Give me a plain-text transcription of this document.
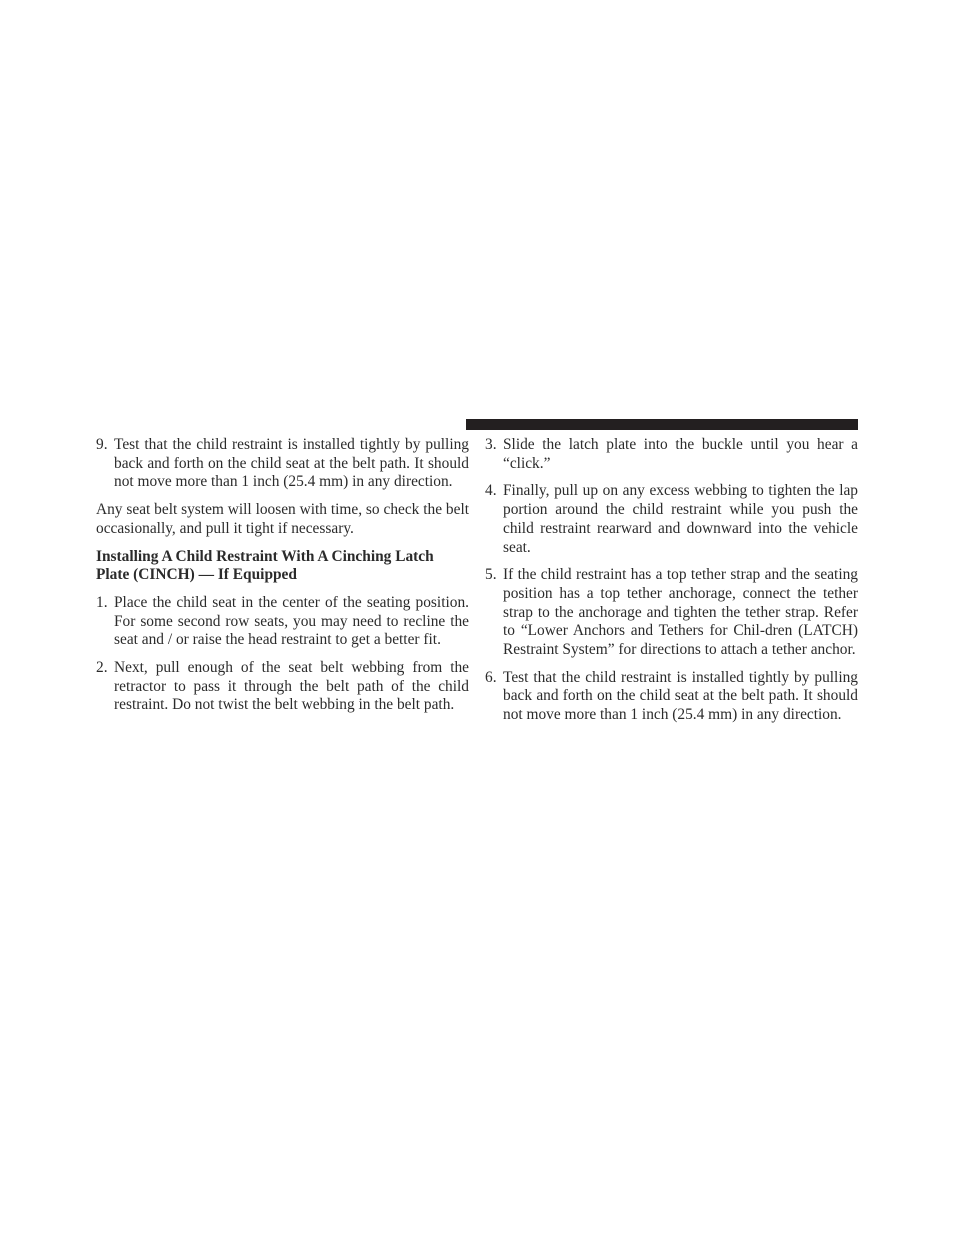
9. Test that the child restraint is installed tightly by pulling back and forth on the child seat at the belt path. It should not move more than 1 inch (25.4 mm) in any direction.
Any seat belt system will loosen with time, so check the belt occasionally, and pull it tight if necessary.
Installing A Child Restraint With A Cinching Latch Plate (CINCH) — If Equipped
1. Place the child seat in the center of the seating position. For some second row seats, you may need to recline the seat and / or raise the head restraint to get a better fit.
2. Next, pull enough of the seat belt webbing from the retractor to pass it through the belt path of the child restraint. Do not twist the belt webbing in the belt path.
3. Slide the latch plate into the buckle until you hear a “click.”
4. Finally, pull up on any excess webbing to tighten the lap portion around the child restraint while you push the child restraint rearward and downward into the vehicle seat.
5. If the child restraint has a top tether strap and the seating position has a top tether anchorage, connect the tether strap to the anchorage and tighten the tether strap. Refer to “Lower Anchors and Tethers for Chil-dren (LATCH) Restraint System” for directions to attach a tether anchor.
6. Test that the child restraint is installed tightly by pulling back and forth on the child seat at the belt path. It should not move more than 1 inch (25.4 mm) in any direction.
